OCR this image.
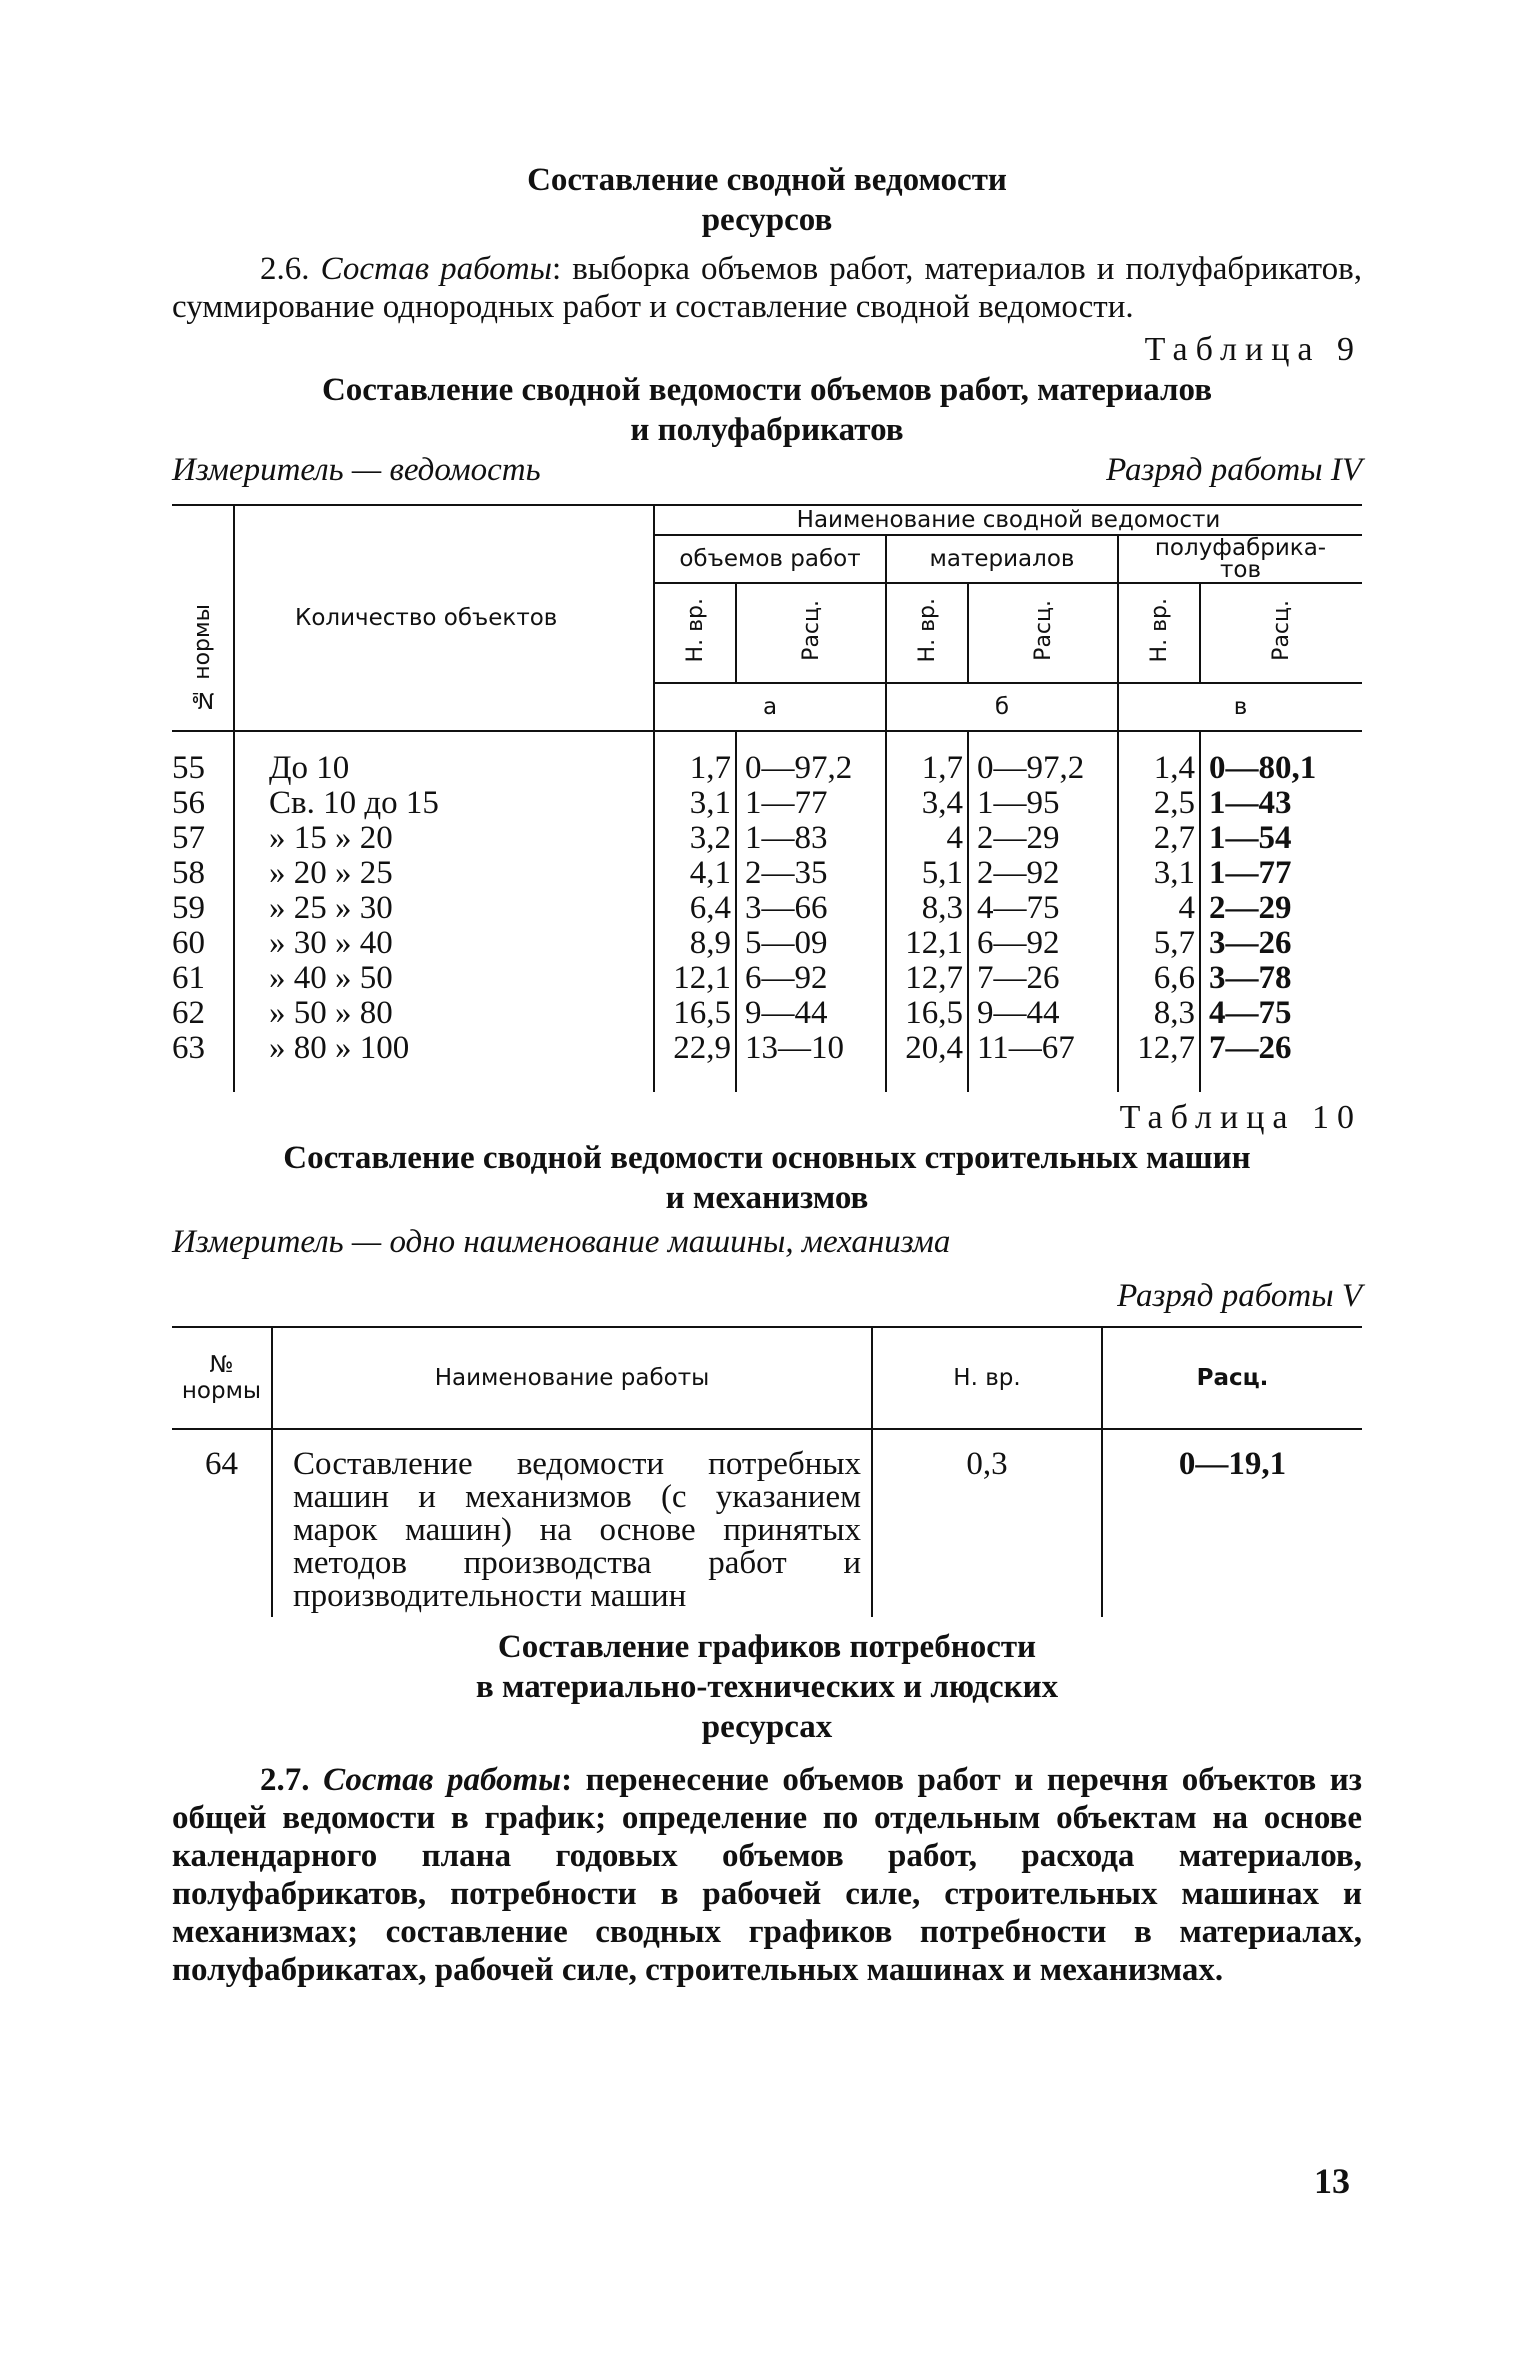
Составление сводной ведомости
ресурсов

2.6. Состав работы: выборка объемов работ, материалов и полуфабрикатов, суммирование однородных работ и составление сводной ведомости.

Таблица 9
Составление сводной ведомости объемов работ, материалов
и полуфабрикатов
Измеритель — ведомость	Разряд работы IV
№ нормы	Количество объектов	Наименование сводной ведомости					
		объемов работ		материалов		полуфабрика-
тов	

		Н. вр.	Расц.	Н. вр.	Расц.	Н. вр.	Расц.
		а		б		в	

55	До 10	1,7	0—97,2	1,7	0—97,2	1,4	0—80,1
56	Св. 10 до 15	3,1	1—77	3,4	1—95	2,5	1—43
57	» 15 » 20	3,2	1—83	4	2—29	2,7	1—54
58	» 20 » 25	4,1	2—35	5,1	2—92	3,1	1—77
59	» 25 » 30	6,4	3—66	8,3	4—75	4	2—29
60	» 30 » 40	8,9	5—09	12,1	6—92	5,7	3—26
61	» 40 » 50	12,1	6—92	12,7	7—26	6,6	3—78
62	» 50 » 80	16,5	9—44	16,5	9—44	8,3	4—75
63	» 80 » 100	22,9	13—10	20,4	11—67	12,7	7—26

Таблица 10
Составление сводной ведомости основных строительных машин
и механизмов
Измеритель — одно наименование машины, механизма
Разряд работы V
№
нормы	Наименование работы	Н. вр.	Расц.
64	Составление ведомости потребных машин и механизмов (с указанием марок машин) на основе принятых методов производства работ и производительности машин	0,3	0—19,1
Составление графиков потребности
в материально-технических и людских
ресурсах

2.7. Состав работы: перенесение объемов работ и перечня объектов из общей ведомости в график; определение по отдельным объектам на основе календарного плана годовых объемов работ, расхода материалов, полуфабрикатов, потребности в рабочей силе, строительных машинах и механизмах; составление сводных графиков потребности в материалах, полуфабрикатах, рабочей силе, строительных машинах и механизмах.

13
